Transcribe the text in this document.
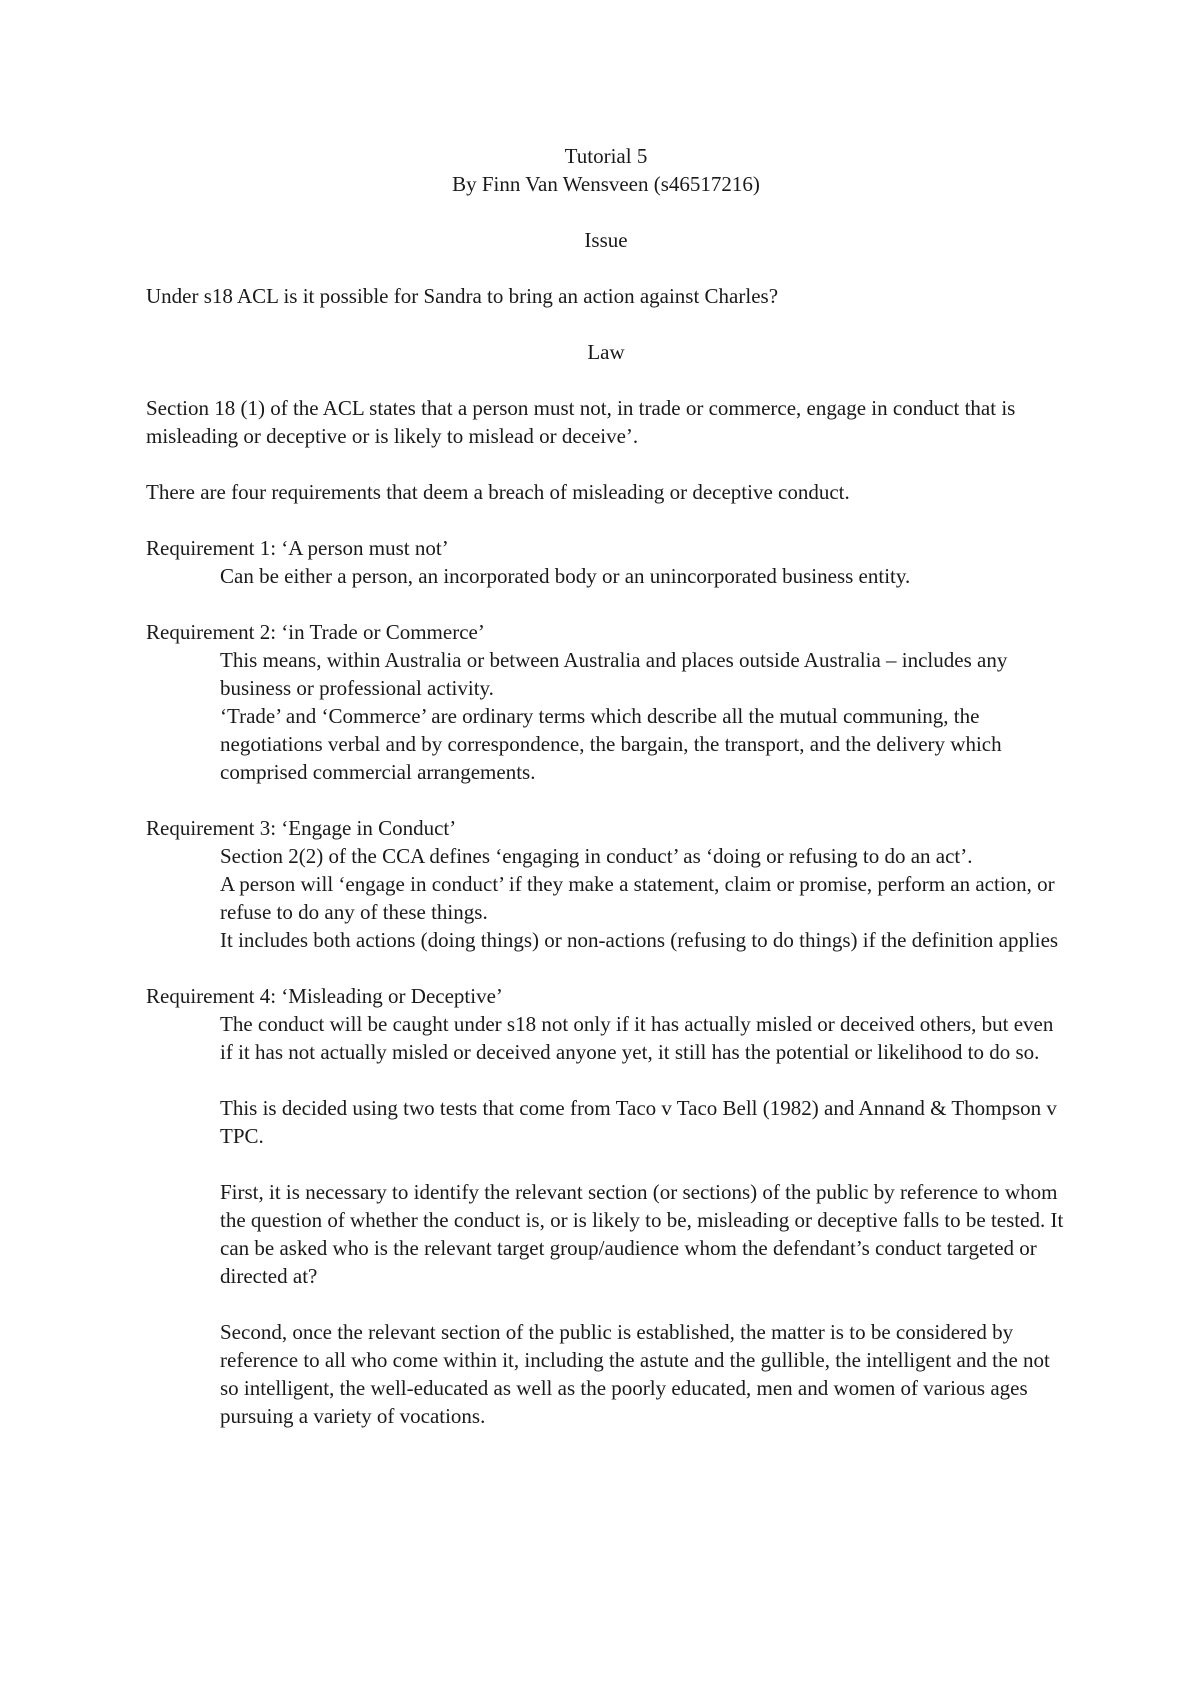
Tutorial 5

By Finn Van Wensveen (s46517216)

Issue

Under s18 ACL is it possible for Sandra to bring an action against Charles?

Law

Section 18 (1) of the ACL states that a person must not, in trade or commerce, engage in conduct that is misleading or deceptive or is likely to mislead or deceive’.

There are four requirements that deem a breach of misleading or deceptive conduct.

Requirement 1: ‘A person must not’

Can be either a person, an incorporated body or an unincorporated business entity.

Requirement 2: ‘in Trade or Commerce’

This means, within Australia or between Australia and places outside Australia – includes any business or professional activity.

‘Trade’ and ‘Commerce’ are ordinary terms which describe all the mutual communing, the negotiations verbal and by correspondence, the bargain, the transport, and the delivery which comprised commercial arrangements.

Requirement 3: ‘Engage in Conduct’

Section 2(2) of the CCA defines ‘engaging in conduct’ as ‘doing or refusing to do an act’.

A person will ‘engage in conduct’ if they make a statement, claim or promise, perform an action, or refuse to do any of these things.

It includes both actions (doing things) or non-actions (refusing to do things) if the definition applies

Requirement 4: ‘Misleading or Deceptive’

The conduct will be caught under s18 not only if it has actually misled or deceived others, but even if it has not actually misled or deceived anyone yet, it still has the potential or likelihood to do so.

This is decided using two tests that come from Taco v Taco Bell (1982) and Annand & Thompson v TPC.

First, it is necessary to identify the relevant section (or sections) of the public by reference to whom the question of whether the conduct is, or is likely to be, misleading or deceptive falls to be tested. It can be asked who is the relevant target group/audience whom the defendant’s conduct targeted or directed at?

Second, once the relevant section of the public is established, the matter is to be considered by reference to all who come within it, including the astute and the gullible, the intelligent and the not so intelligent, the well-educated as well as the poorly educated, men and women of various ages pursuing a variety of vocations.
